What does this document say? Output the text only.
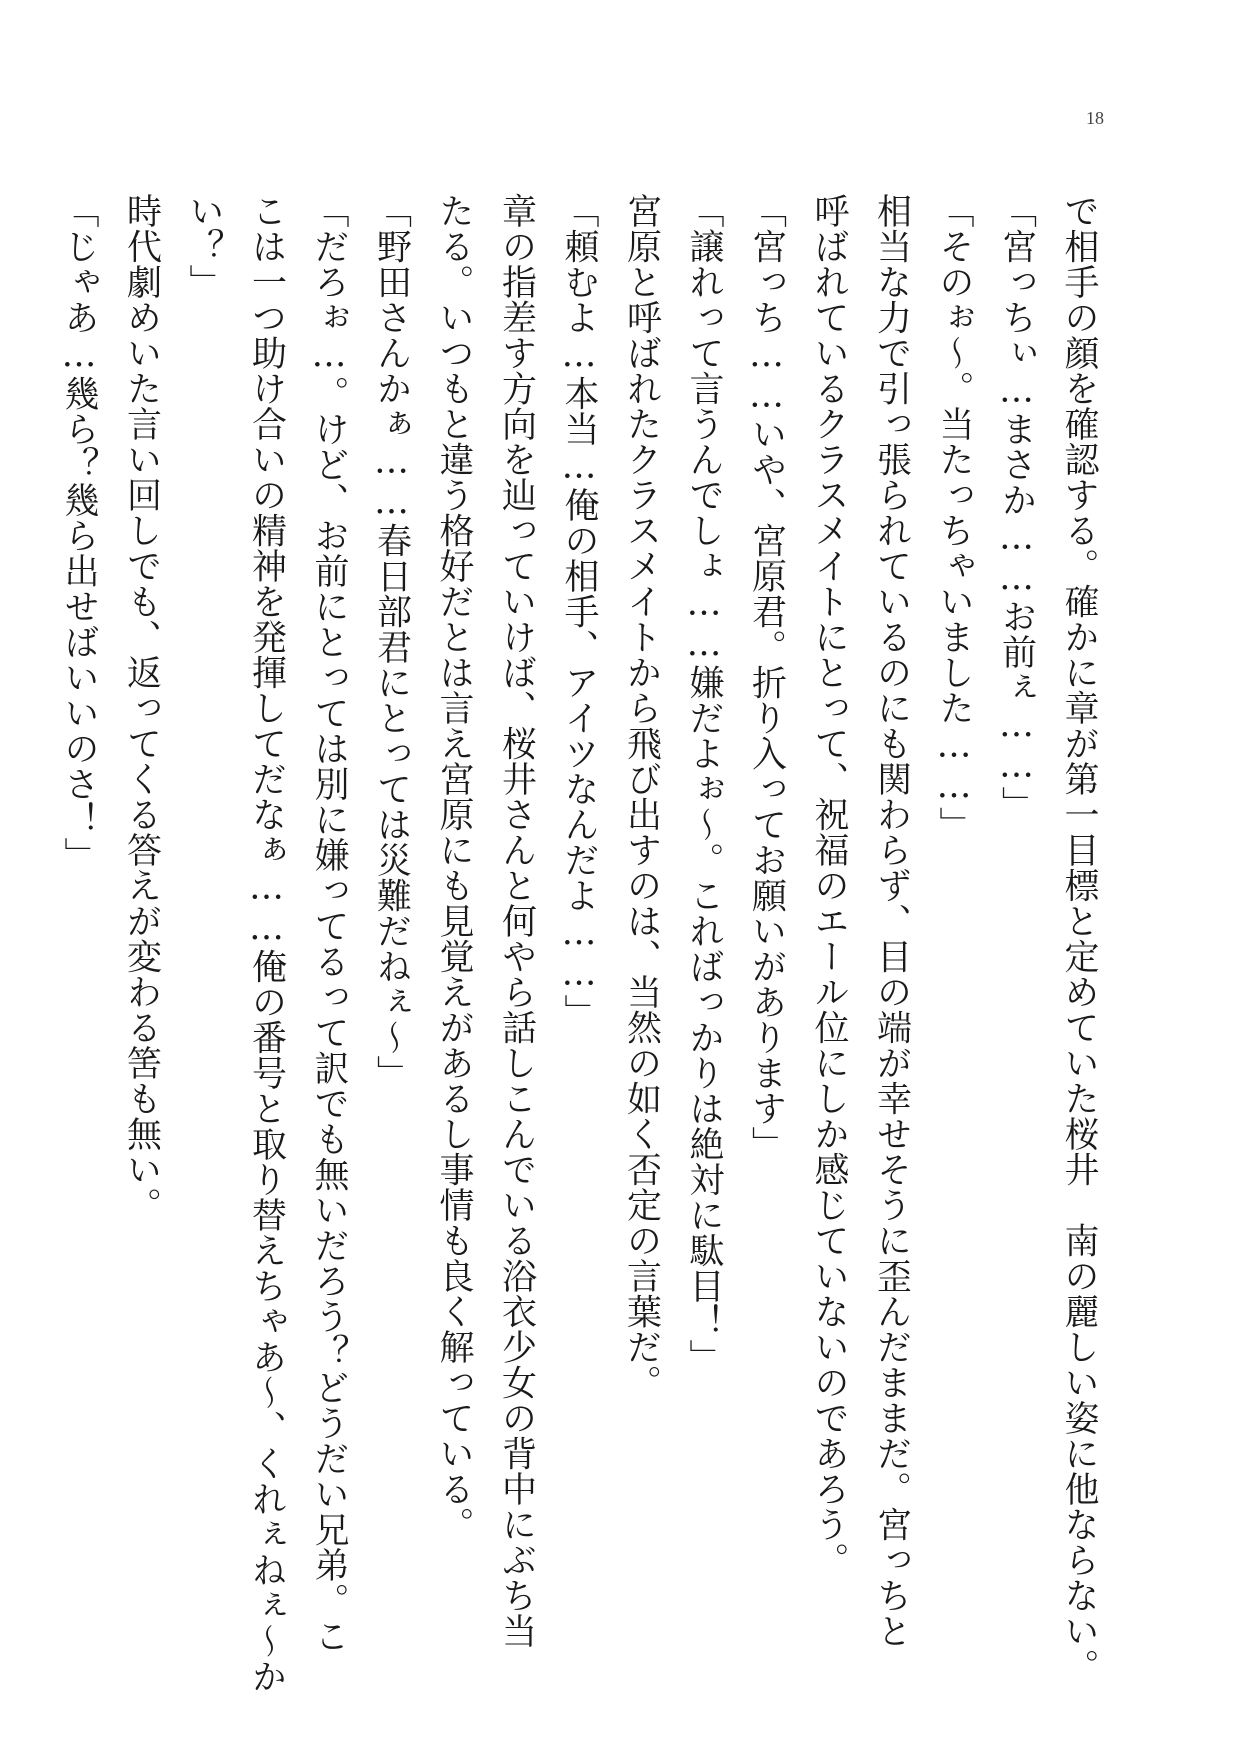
18
で相手の顔を確認する。確かに章が第一目標と定めていた桜井　南の麗しい姿に他ならない。
「宮っちぃ…まさか……お前ぇ……」
「そのぉ〜。当たっちゃいました……」
相当な力で引っ張られているのにも関わらず、目の端が幸せそうに歪んだままだ。宮っちと
呼ばれているクラスメイトにとって、祝福のエール位にしか感じていないのであろう。
「宮っち……いや、宮原君。折り入ってお願いがあります」
「譲れって言うんでしょ……嫌だよぉ〜。こればっかりは絶対に駄目！」
宮原と呼ばれたクラスメイトから飛び出すのは、当然の如く否定の言葉だ。
「頼むよ…本当…俺の相手、アイツなんだよ……」
章の指差す方向を辿っていけば、桜井さんと何やら話しこんでいる浴衣少女の背中にぶち当
たる。いつもと違う格好だとは言え宮原にも見覚えがあるし事情も良く解っている。
「野田さんかぁ……春日部君にとっては災難だねぇ〜」
「だろぉ…。けど、お前にとっては別に嫌ってるって訳でも無いだろう？どうだい兄弟。こ
こは一つ助け合いの精神を発揮してだなぁ……俺の番号と取り替えちゃあ〜、くれぇねぇ〜か
い？」
時代劇めいた言い回しでも、返ってくる答えが変わる筈も無い。
「じゃあ…幾ら？幾ら出せばいいのさ！」
